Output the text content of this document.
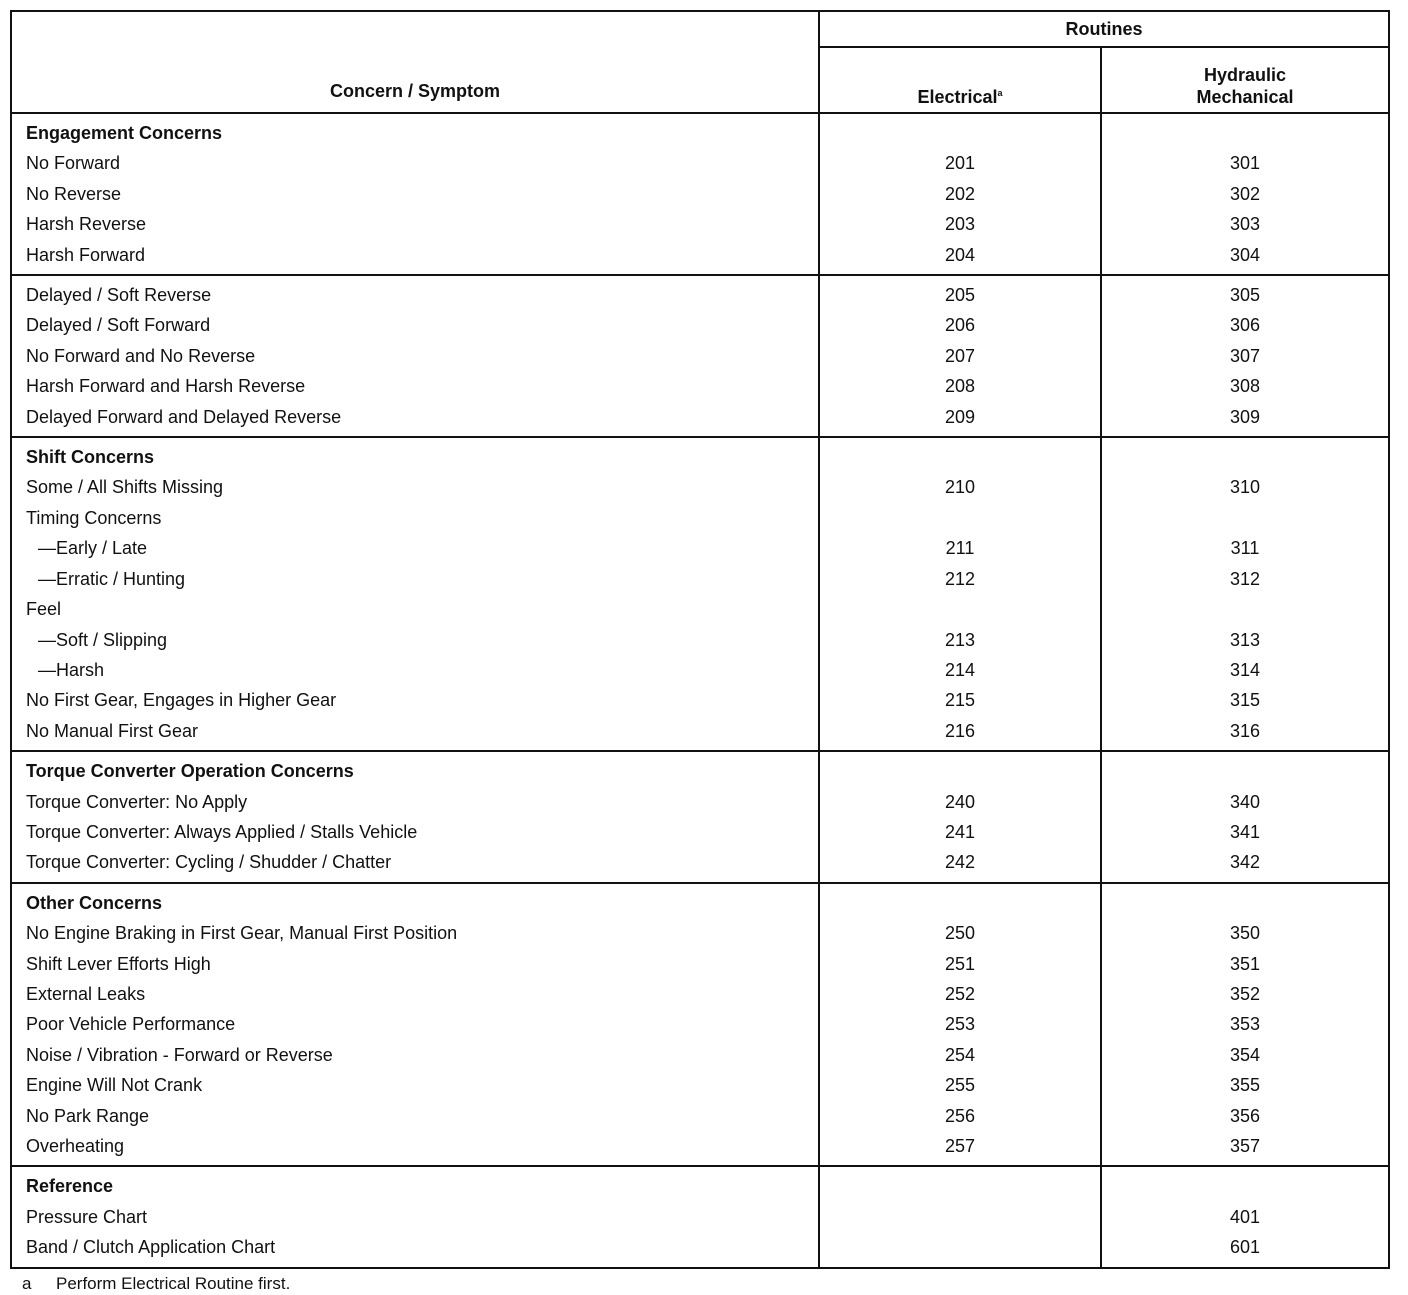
Concern / Symptom	Routines	
	Electrical$^a$	Hydraulic
Mechanical
Engagement Concerns		
No Forward	201	301
No Reverse	202	302
Harsh Reverse	203	303
Harsh Forward	204	304
Delayed / Soft Reverse	205	305
Delayed / Soft Forward	206	306
No Forward and No Reverse	207	307
Harsh Forward and Harsh Reverse	208	308
Delayed Forward and Delayed Reverse	209	309
Shift Concerns		
Some / All Shifts Missing	210	310
Timing Concerns		
—Early / Late	211	311
—Erratic / Hunting	212	312
Feel		
—Soft / Slipping	213	313
—Harsh	214	314
No First Gear, Engages in Higher Gear	215	315
No Manual First Gear	216	316
Torque Converter Operation Concerns		
Torque Converter: No Apply	240	340
Torque Converter: Always Applied / Stalls Vehicle	241	341
Torque Converter: Cycling / Shudder / Chatter	242	342
Other Concerns		
No Engine Braking in First Gear, Manual First Position	250	350
Shift Lever Efforts High	251	351
External Leaks	252	352
Poor Vehicle Performance	253	353
Noise / Vibration - Forward or Reverse	254	354
Engine Will Not Crank	255	355
No Park Range	256	356
Overheating	257	357
Reference		
Pressure Chart		401
Band / Clutch Application Chart		601
a Perform Electrical Routine first.
